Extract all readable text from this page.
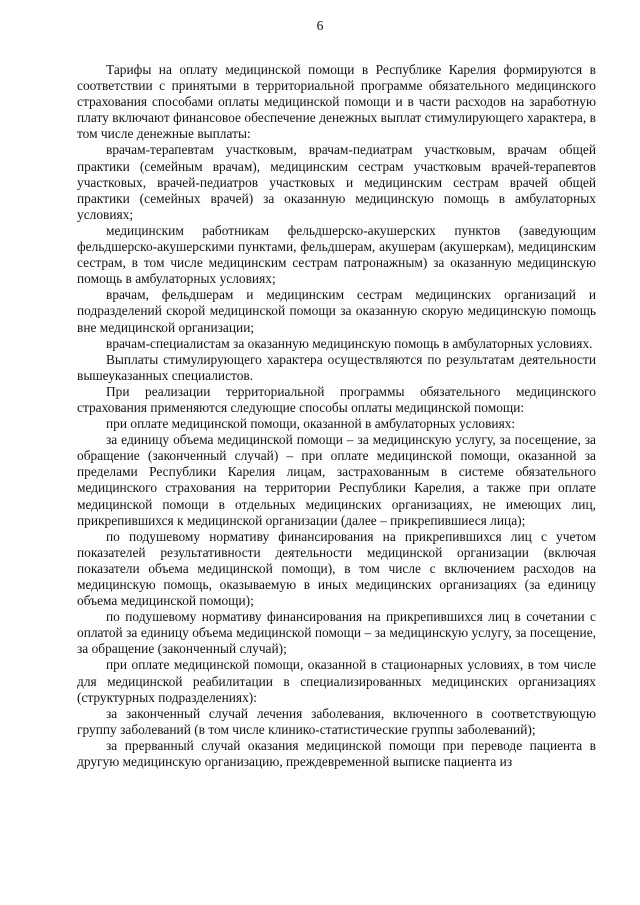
6

Тарифы на оплату медицинской помощи в Республике Карелия формируются в соответствии с принятыми в территориальной программе обязательного медицинского страхования способами оплаты медицинской помощи и в части расходов на заработную плату включают финансовое обеспечение денежных выплат стимулирующего характера, в том числе денежные выплаты:

врачам-терапевтам участковым, врачам-педиатрам участковым, врачам общей практики (семейным врачам), медицинским сестрам участковым врачей-терапевтов участковых, врачей-педиатров участковых и медицинским сестрам врачей общей практики (семейных врачей) за оказанную медицинскую помощь в амбулаторных условиях;

медицинским работникам фельдшерско-акушерских пунктов (заведующим фельдшерско-акушерскими пунктами, фельдшерам, акушерам (акушеркам), медицинским сестрам, в том числе медицинским сестрам патронажным) за оказанную медицинскую помощь в амбулаторных условиях;

врачам, фельдшерам и медицинским сестрам медицинских организаций и подразделений скорой медицинской помощи за оказанную скорую медицинскую помощь вне медицинской организации;

врачам-специалистам за оказанную медицинскую помощь в амбулаторных условиях.

Выплаты стимулирующего характера осуществляются по результатам деятельности вышеуказанных специалистов.

При реализации территориальной программы обязательного медицинского страхования применяются следующие способы оплаты медицинской помощи:

при оплате медицинской помощи, оказанной в амбулаторных условиях:

за единицу объема медицинской помощи – за медицинскую услугу, за посещение, за обращение (законченный случай) – при оплате медицинской помощи, оказанной за пределами Республики Карелия лицам, застрахованным в системе обязательного медицинского страхования на территории Республики Карелия, а также при оплате медицинской помощи в отдельных медицинских организациях, не имеющих лиц, прикрепившихся к медицинской организации (далее – прикрепившиеся лица);

по подушевому нормативу финансирования на прикрепившихся лиц с учетом показателей результативности деятельности медицинской организации (включая показатели объема медицинской помощи), в том числе с включением расходов на медицинскую помощь, оказываемую в иных медицинских организациях (за единицу объема медицинской помощи);

по подушевому нормативу финансирования на прикрепившихся лиц в сочетании с оплатой за единицу объема медицинской помощи – за медицинскую услугу, за посещение, за обращение (законченный случай);

при оплате медицинской помощи, оказанной в стационарных условиях, в том числе для медицинской реабилитации в специализированных медицинских организациях (структурных подразделениях):

за законченный случай лечения заболевания, включенного в соответствующую группу заболеваний (в том числе клинико-статистические группы заболеваний);

за прерванный случай оказания медицинской помощи при переводе пациента в другую медицинскую организацию, преждевременной выписке пациента из
